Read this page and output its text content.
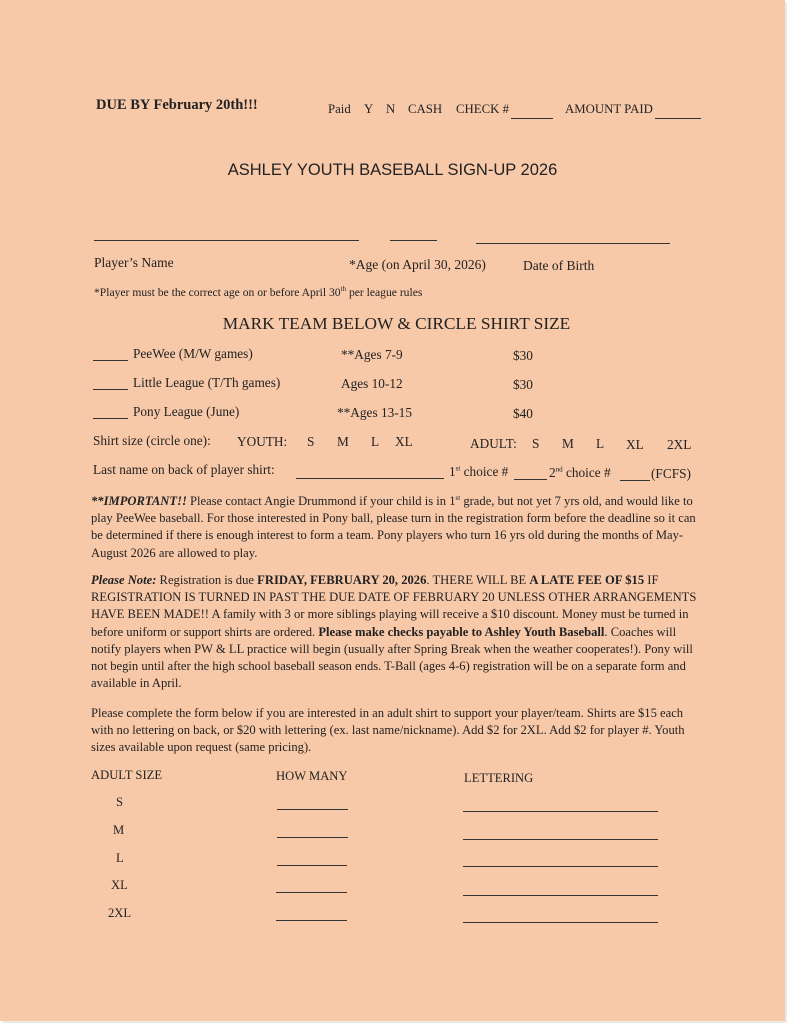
DUE BY February 20th!!!	Paid Y N CASH CHECK #	AMOUNT PAID
ASHLEY YOUTH BASEBALL SIGN-UP 2026
Player’s Name	*Age (on April 30, 2026)	Date of Birth
*Player must be the correct age on or before April 30th per league rules
MARK TEAM BELOW & CIRCLE SHIRT SIZE
PeeWee (M/W games)	**Ages 7-9	$30
Little League (T/Th games)	Ages 10-12	$30
Pony League (June)	**Ages 13-15	$40
Shirt size (circle one): YOUTH: S M L XL	ADULT: S M L XL 2XL
Last name on back of player shirt:	1st choice #	2nd choice #	(FCFS)

**IMPORTANT!! Please contact Angie Drummond if your child is in 1st grade, but not yet 7 yrs old, and would like to play PeeWee baseball. For those interested in Pony ball, please turn in the registration form before the deadline so it can be determined if there is enough interest to form a team. Pony players who turn 16 yrs old during the months of May-August 2026 are allowed to play.

Please Note: Registration is due FRIDAY, FEBRUARY 20, 2026. THERE WILL BE A LATE FEE OF $15 IF REGISTRATION IS TURNED IN PAST THE DUE DATE OF FEBRUARY 20 UNLESS OTHER ARRANGEMENTS HAVE BEEN MADE!! A family with 3 or more siblings playing will receive a $10 discount. Money must be turned in before uniform or support shirts are ordered. Please make checks payable to Ashley Youth Baseball. Coaches will notify players when PW & LL practice will begin (usually after Spring Break when the weather cooperates!). Pony will not begin until after the high school baseball season ends. T-Ball (ages 4-6) registration will be on a separate form and available in April.

Please complete the form below if you are interested in an adult shirt to support your player/team. Shirts are $15 each with no lettering on back, or $20 with lettering (ex. last name/nickname). Add $2 for 2XL. Add $2 for player #. Youth sizes available upon request (same pricing).

ADULT SIZE	HOW MANY	LETTERING
S
M
L
XL
2XL
